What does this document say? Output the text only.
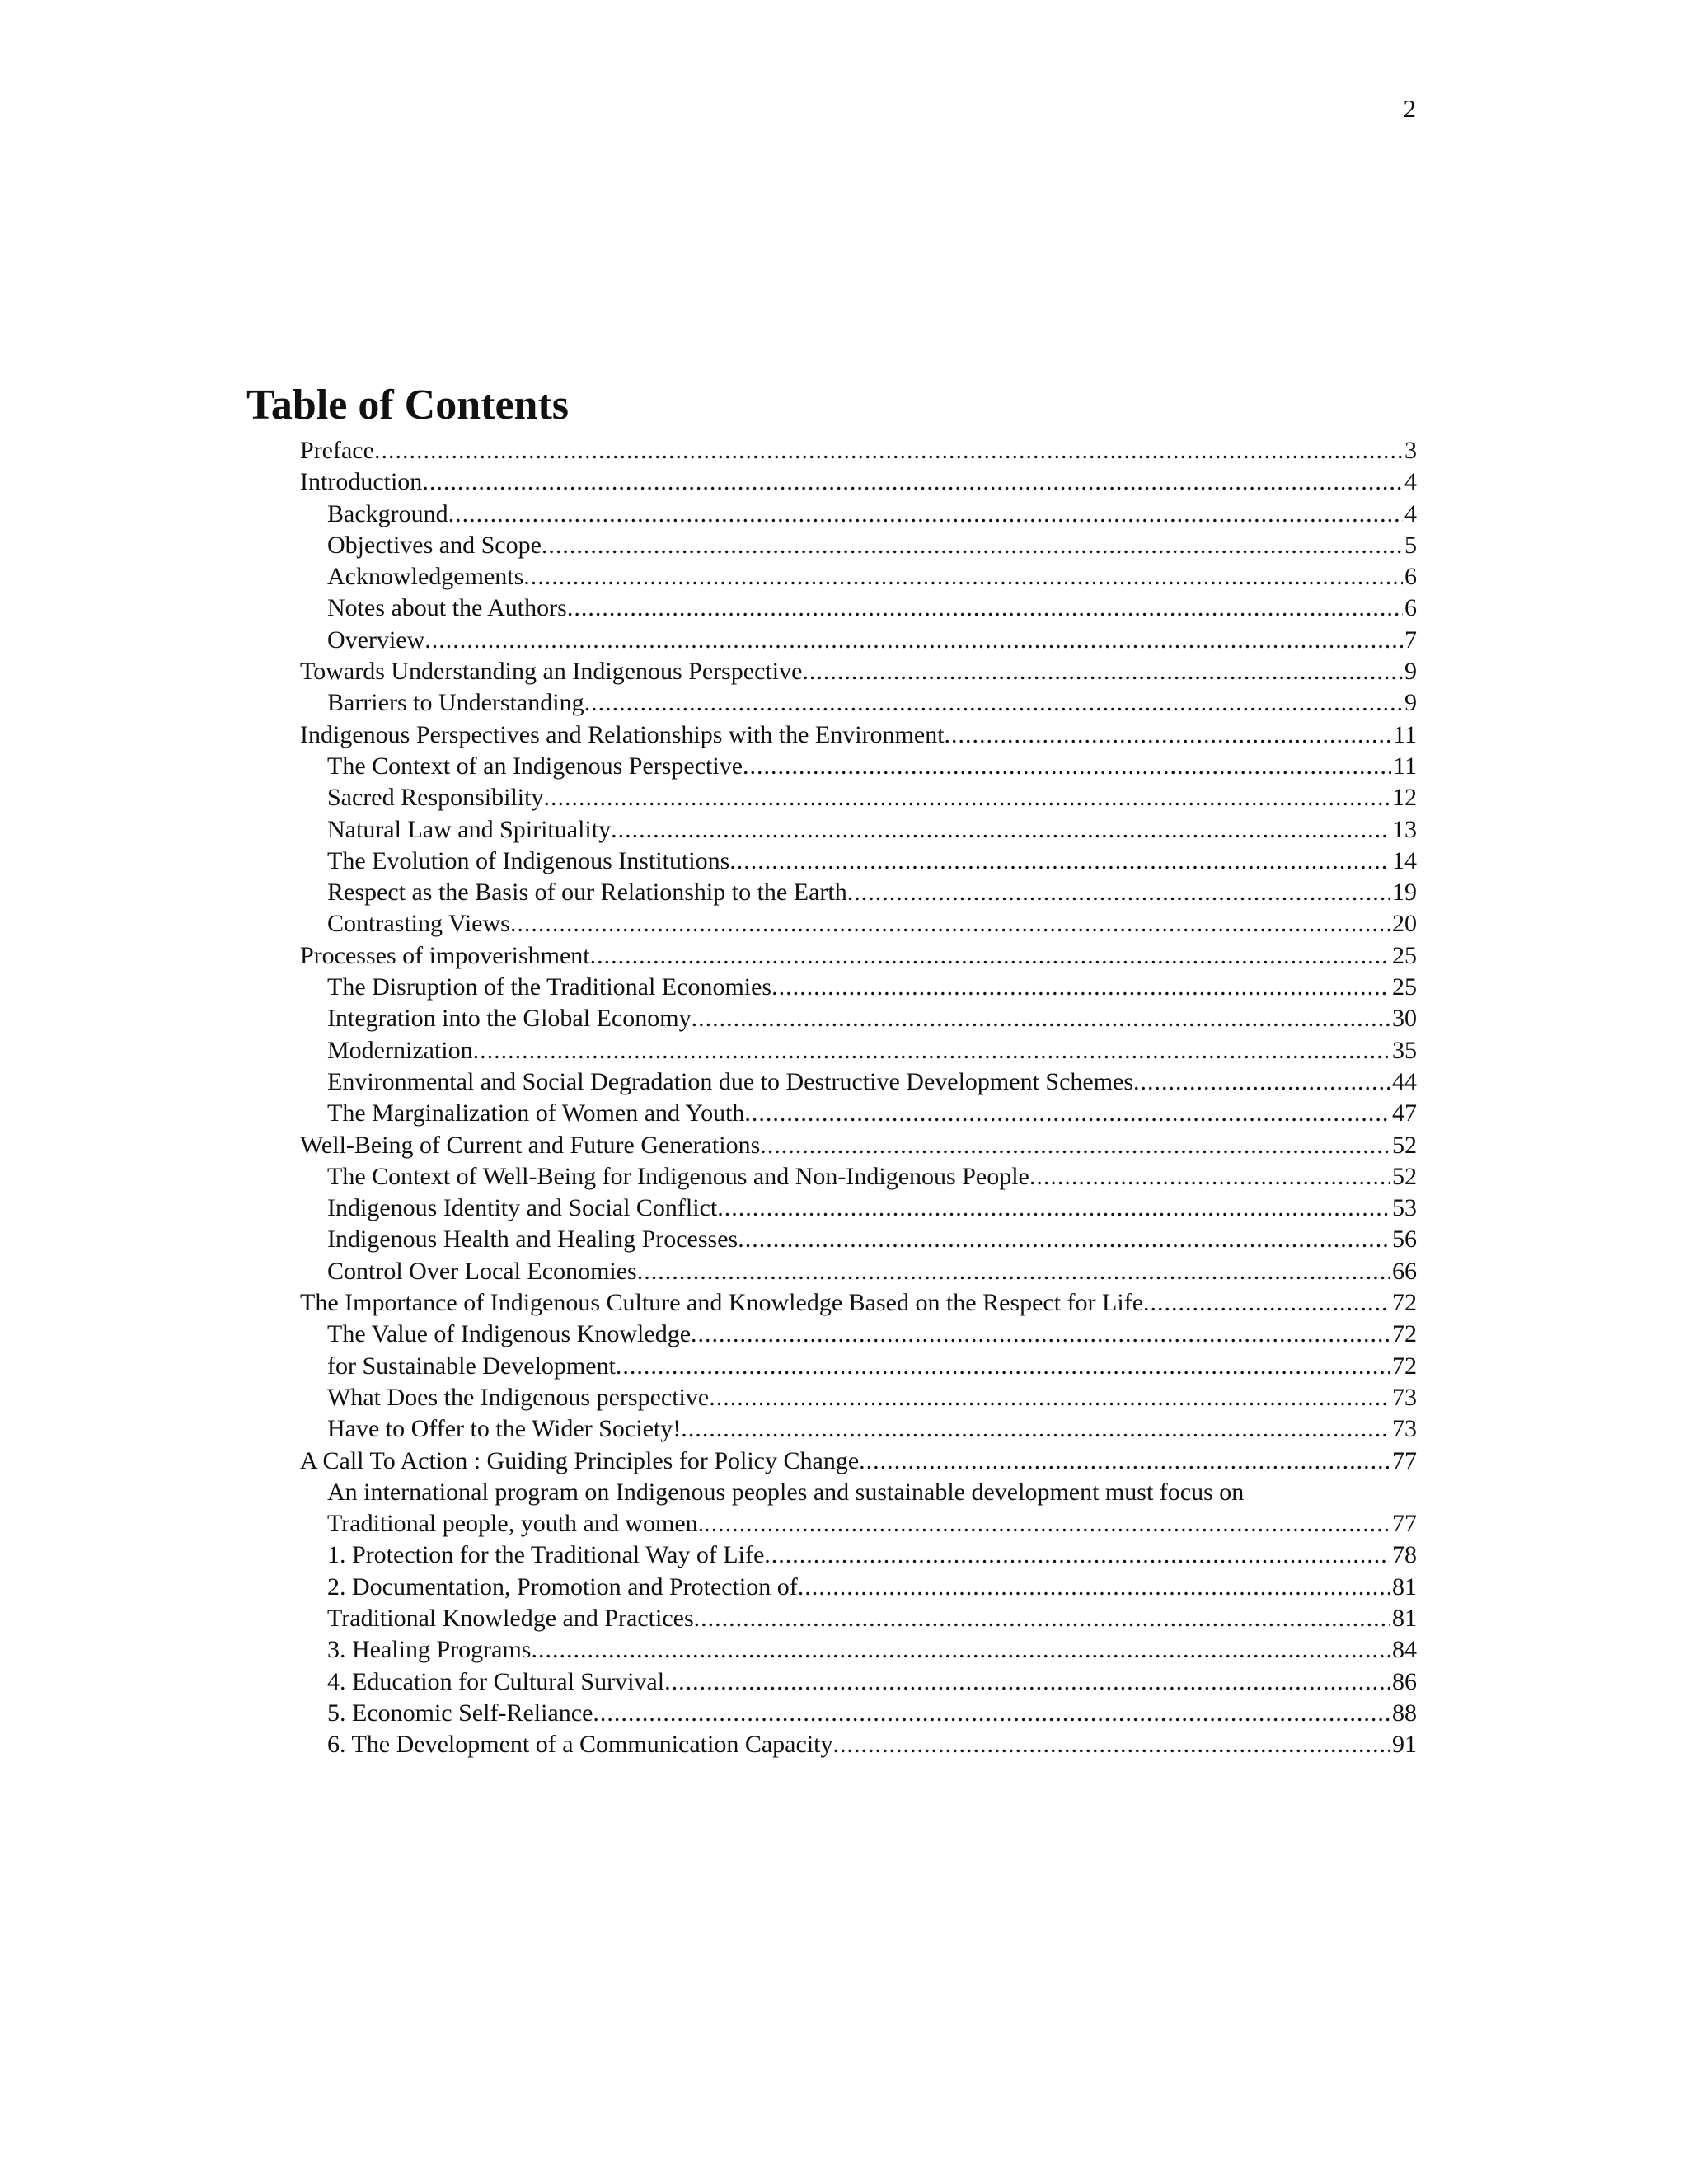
2
Table of Contents
Preface .....	3
Introduction .....	4
Background .....	4
Objectives and Scope .....	5
Acknowledgements .....	6
Notes about the Authors .....	6
Overview .....	7
Towards Understanding an Indigenous Perspective .....	9
Barriers to Understanding .....	9
Indigenous Perspectives and Relationships with the Environment .....	11
The Context of an Indigenous Perspective .....	11
Sacred Responsibility .....	12
Natural Law and Spirituality .....	13
The Evolution of Indigenous Institutions .....	14
Respect as the Basis of our Relationship to the Earth .....	19
Contrasting Views .....	20
Processes of impoverishment .....	25
The Disruption of the Traditional Economies .....	25
Integration into the Global Economy .....	30
Modernization .....	35
Environmental and Social Degradation due to Destructive Development Schemes .....	44
The Marginalization of Women and Youth .....	47
Well-Being of Current and Future Generations .....	52
The Context of Well-Being for Indigenous and Non-Indigenous People .....	52
Indigenous Identity and Social Conflict .....	53
Indigenous Health and Healing Processes .....	56
Control Over Local Economies .....	66
The Importance of Indigenous Culture and Knowledge Based on the Respect for Life .....	72
The Value of Indigenous Knowledge .....	72
for Sustainable Development .....	72
What Does the Indigenous perspective .....	73
Have to Offer to the Wider Society! .....	73
A Call To Action : Guiding Principles for Policy Change .....	77
An international program on Indigenous peoples and sustainable development must focus on
Traditional people, youth and women. .....	77
1. Protection for the Traditional Way of Life .....	78
2. Documentation, Promotion and Protection of .....	81
Traditional Knowledge and Practices .....	81
3. Healing Programs .....	84
4. Education for Cultural Survival .....	86
5. Economic Self-Reliance .....	88
6. The Development of a Communication Capacity .....	91
